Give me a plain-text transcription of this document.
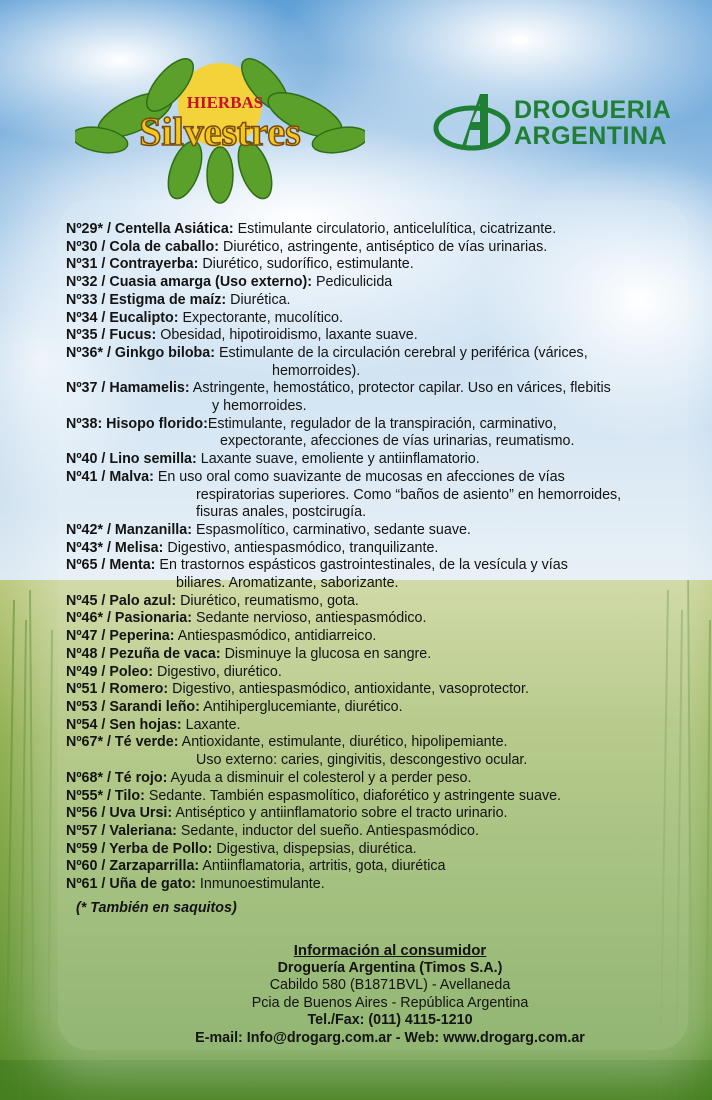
HIERBAS
Silvestres	DROGUERIA
ARGENTINA
Nº29* / Centella Asiática: Estimulante circulatorio, anticelulítica, cicatrizante.
Nº30 / Cola de caballo: Diurético, astringente, antiséptico de vías urinarias.
Nº31 / Contrayerba: Diurético, sudorífico, estimulante.
Nº32 / Cuasia amarga (Uso externo): Pediculicida
Nº33 / Estigma de maíz: Diurética.
Nº34 / Eucalipto: Expectorante, mucolítico.
Nº35 / Fucus: Obesidad, hipotiroidismo, laxante suave.
Nº36* / Ginkgo biloba: Estimulante de la circulación cerebral y periférica (várices,
hemorroides).
Nº37 / Hamamelis: Astringente, hemostático, protector capilar. Uso en várices, flebitis
y hemorroides.
Nº38: Hisopo florido:Estimulante, regulador de la transpiración, carminativo,
expectorante, afecciones de vías urinarias, reumatismo.
Nº40 / Lino semilla: Laxante suave, emoliente y antiinflamatorio.
Nº41 / Malva: En uso oral como suavizante de mucosas en afecciones de vías
respiratorias superiores. Como “baños de asiento” en hemorroides,
fisuras anales, postcirugía.
Nº42* / Manzanilla: Espasmolítico, carminativo, sedante suave.
Nº43* / Melisa: Digestivo, antiespasmódico, tranquilizante.
Nº65 / Menta: En trastornos espásticos gastrointestinales, de la vesícula y vías
biliares. Aromatizante, saborizante.
Nº45 / Palo azul: Diurético, reumatismo, gota.
Nº46* / Pasionaria: Sedante nervioso, antiespasmódico.
Nº47 / Peperina: Antiespasmódico, antidiarreico.
Nº48 / Pezuña de vaca: Disminuye la glucosa en sangre.
Nº49 / Poleo: Digestivo, diurético.
Nº51 / Romero: Digestivo, antiespasmódico, antioxidante, vasoprotector.
Nº53 / Sarandi leño: Antihiperglucemiante, diurético.
Nº54 / Sen hojas: Laxante.
Nº67* / Té verde: Antioxidante, estimulante, diurético, hipolipemiante.
Uso externo: caries, gingivitis, descongestivo ocular.
Nº68* / Té rojo: Ayuda a disminuir el colesterol y a perder peso.
Nº55* / Tilo: Sedante. También espasmolítico, diaforético y astringente suave.
Nº56 / Uva Ursi: Antiséptico y antiinflamatorio sobre el tracto urinario.
Nº57 / Valeriana: Sedante, inductor del sueño. Antiespasmódico.
Nº59 / Yerba de Pollo: Digestiva, dispepsias, diurética.
Nº60 / Zarzaparrilla: Antiinflamatoria, artritis, gota, diurética
Nº61 / Uña de gato: Inmunoestimulante.
(* También en saquitos)
Información al consumidor
Droguería Argentina (Timos S.A.)
Cabildo 580 (B1871BVL) - Avellaneda
Pcia de Buenos Aires - República Argentina
Tel./Fax: (011) 4115-1210
E-mail: Info@drogarg.com.ar - Web: www.drogarg.com.ar
